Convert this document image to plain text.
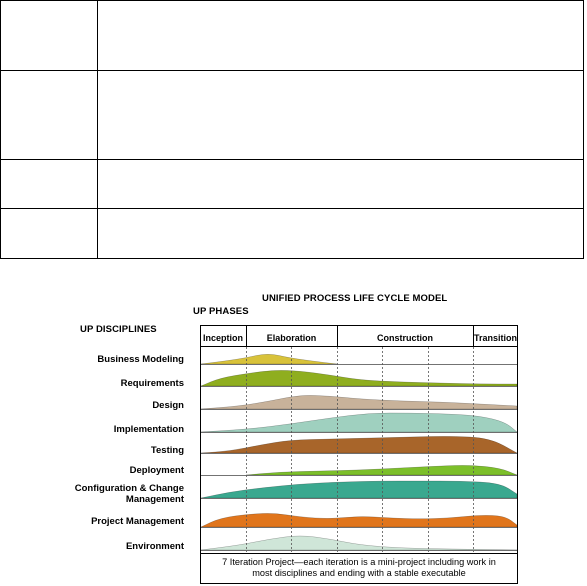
UP PHASES
UNIFIED PROCESS LIFE CYCLE MODEL
UP DISCIPLINES
Business Modeling
Requirements
Design
Implementation
Testing
Deployment
Configuration & Change Management
Project Management
Environment
Inception	Elaboration	Construction	Transition
7 Iteration Project—each iteration is a mini-project including work in
most disciplines and ending with a stable executable
